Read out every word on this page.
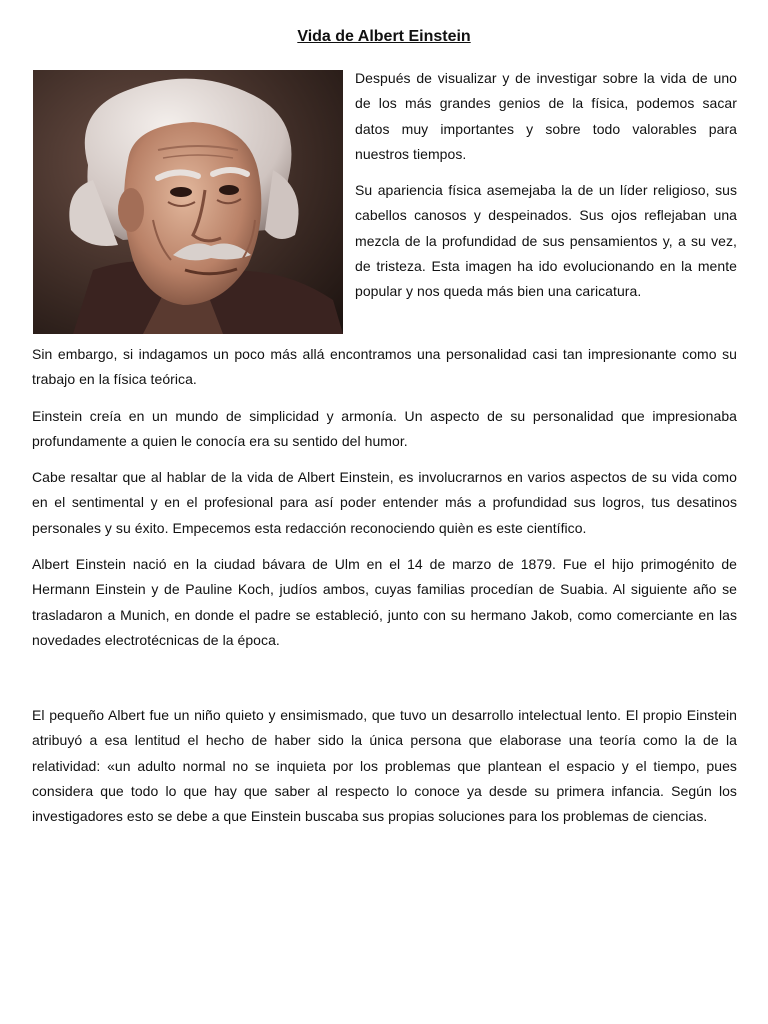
Vida de Albert Einstein

Después de visualizar y de investigar sobre la vida de uno de los más grandes genios de la física, podemos sacar datos muy importantes y sobre todo valorables para nuestros tiempos.

Su apariencia física asemejaba la de un líder religioso, sus cabellos canosos y despeinados. Sus ojos reflejaban una mezcla de la profundidad de sus pensamientos y, a su vez, de tristeza. Esta imagen ha ido evolucionando en la mente popular y nos queda más bien una caricatura.

Sin embargo, si indagamos un poco más allá encontramos una personalidad casi tan impresionante como su trabajo en la física teórica.

Einstein creía en un mundo de simplicidad y armonía. Un aspecto de su personalidad que impresionaba profundamente a quien le conocía era su sentido del humor.

Cabe resaltar que al hablar de la vida de Albert Einstein, es involucrarnos en varios aspectos de su vida como en el sentimental y en el profesional para así poder entender más a profundidad sus logros, tus desatinos personales y su éxito. Empecemos esta redacción reconociendo quièn es este científico.

Albert Einstein nació en la ciudad bávara de Ulm en el 14 de marzo de 1879. Fue el hijo primogénito de Hermann Einstein y de Pauline Koch, judíos ambos, cuyas familias procedían de Suabia. Al siguiente año se trasladaron a Munich, en donde el padre se estableció, junto con su hermano Jakob, como comerciante en las novedades electrotécnicas de la época.

El pequeño Albert fue un niño quieto y ensimismado, que tuvo un desarrollo intelectual lento. El propio Einstein atribuyó a esa lentitud el hecho de haber sido la única persona que elaborase una teoría como la de la relatividad: «un adulto normal no se inquieta por los problemas que plantean el espacio y el tiempo, pues considera que todo lo que hay que saber al respecto lo conoce ya desde su primera infancia. Según los investigadores esto se debe a que Einstein buscaba sus propias soluciones para los problemas de ciencias.
